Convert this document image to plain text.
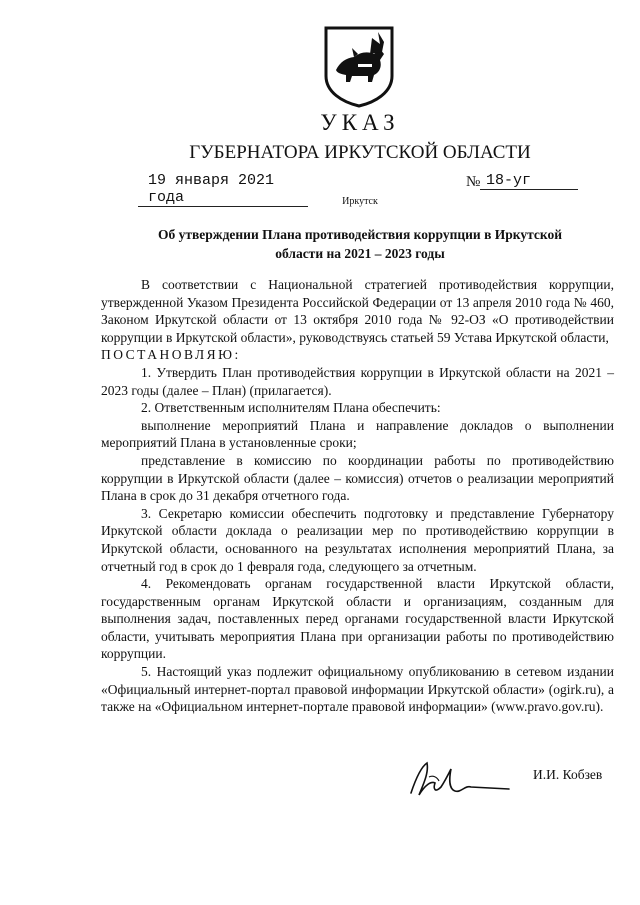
УКАЗ
ГУБЕРНАТОРА ИРКУТСКОЙ ОБЛАСТИ
19 января 2021 года
№ 18-уг
Иркутск
Об утверждении Плана противодействия коррупции в Иркутской области на 2021 – 2023 годы

В соответствии с Национальной стратегией противодействия коррупции, утвержденной Указом Президента Российской Федерации от 13 апреля 2010 года № 460, Законом Иркутской области от 13 октября 2010 года № 92-ОЗ «О противодействии коррупции в Иркутской области», руководствуясь статьей 59 Устава Иркутской области,

ПОСТАНОВЛЯЮ:

1. Утвердить План противодействия коррупции в Иркутской области на 2021 – 2023 годы (далее – План) (прилагается).

2. Ответственным исполнителям Плана обеспечить:

выполнение мероприятий Плана и направление докладов о выполнении мероприятий Плана в установленные сроки;

представление в комиссию по координации работы по противодействию коррупции в Иркутской области (далее – комиссия) отчетов о реализации мероприятий Плана в срок до 31 декабря отчетного года.

3. Секретарю комиссии обеспечить подготовку и представление Губернатору Иркутской области доклада о реализации мер по противодействию коррупции в Иркутской области, основанного на результатах исполнения мероприятий Плана, за отчетный год в срок до 1 февраля года, следующего за отчетным.

4. Рекомендовать органам государственной власти Иркутской области, государственным органам Иркутской области и организациям, созданным для выполнения задач, поставленных перед органами государственной власти Иркутской области, учитывать мероприятия Плана при организации работы по противодействию коррупции.

5. Настоящий указ подлежит официальному опубликованию в сетевом издании «Официальный интернет-портал правовой информации Иркутской области» (ogirk.ru), а также на «Официальном интернет-портале правовой информации» (www.pravo.gov.ru).

И.И. Кобзев
